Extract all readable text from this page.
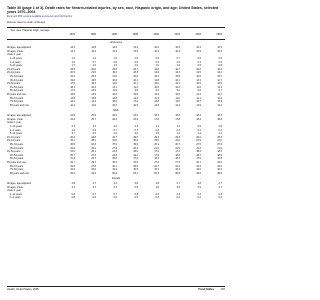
Table 30 (page 1 of 3). Death rates for firearm-related injuries, by sex, race, Hispanic origin, and age: United States, selected years 1970–2003
Excel and PDF versions available at www.cdc.gov/nchs/hus.htm
[Data are based on death certificates]
Sex, race, Hispanic origin, and age
1970	1980	1990	1995	2000	2001	2002	2003
All persons
All ages, age-adjusted	14.3	14.8	14.6	13.4	10.2	10.3	10.4	10.3
All ages, crude	13.1	14.9	14.9	13.5	10.2	10.3	10.5	10.3
Under 1 year
1–14 years	1.6	1.4	1.5	1.6	0.8	0.7	0.6	0.6
1–4 years	1.0	0.7	0.6	0.6	0.3	0.3	0.3	0.3
5–14 years	1.7	1.6	1.9	2.0	1.0	1.0	0.8	0.8
15–24 years	15.5	20.6	25.8	26.7	16.8	16.7	16.6	16.2
25–44 years	20.9	22.5	19.3	18.3	14.0	14.3	14.5	14.2
25–34 years	22.2	25.3	21.8	20.6	15.2	15.6	16.0	15.7
35–44 years	19.6	19.5	16.6	16.1	12.8	13.1	13.1	12.7
45–64 years	17.6	15.2	12.5	10.7	10.0	10.1	10.5	10.5
45–54 years	18.1	16.4	13.1	11.4	10.5	10.6	11.0	11.1
55–64 years	17.0	13.9	11.9	9.8	9.3	9.4	9.8	9.7
65 years and over	13.8	13.5	16.0	15.8	12.4	12.5	12.3	12.4
65–74 years	14.5	13.8	14.8	14.2	11.2	11.0	11.1	11.0
75–84 years	13.4	13.4	18.0	17.6	13.8	14.0	13.7	13.9
85 years and over	10.2	11.6	15.3	16.9	13.8	14.4	13.9	14.1
Male
All ages, age-adjusted	24.8	25.9	26.3	23.9	18.1	18.2	18.4	18.3
All ages, crude	22.2	25.7	26.2	23.9	17.8	17.8	18.3	18.0
Under 1 year
1–14 years	2.3	2.0	2.2	2.3	1.1	1.0	0.9	0.8
1–4 years	1.2	0.9	0.7	0.7	0.3	0.4	0.4	0.4
5–14 years	2.7	2.5	2.9	3.0	1.5	1.4	1.2	1.1
15–24 years	26.4	34.8	44.7	46.5	29.4	29.4	29.0	28.3
25–44 years	34.1	38.1	32.6	30.6	23.5	24.0	24.5	24.0
25–34 years	36.5	43.3	37.0	35.0	26.1	26.7	27.5	27.0
35–44 years	31.6	32.1	27.4	26.3	21.0	21.5	21.6	21.0
45–64 years	31.0	26.1	21.6	18.6	17.2	17.3	18.0	18.0
45–54 years	30.7	27.5	22.4	19.4	17.9	18.0	18.7	18.9
55–64 years	31.3	24.7	20.8	17.6	16.3	16.3	17.0	16.8
65 years and over	29.7	29.7	35.3	34.6	27.3	27.3	26.7	26.6
65–74 years	29.5	27.8	30.1	28.6	22.7	22.2	22.4	22.0
75–84 years	31.0	33.0	42.2	40.5	32.7	33.4	32.0	32.2
85 years and over	26.2	34.9	56.2	63.1	50.3	50.9	49.5	48.5
Female
All ages, age-adjusted	4.8	4.7	4.2	3.8	2.8	2.7	2.8	2.7
All ages, crude	4.4	4.7	4.3	3.9	2.8	2.8	2.9	2.7
Under 1 year
1–14 years	0.8	0.7	0.7	0.8	0.5	0.4	0.3	0.3
1–4 years	0.8	0.6	0.5	0.5	0.3	0.3	0.2	0.3
Health, United States, 2005	Trend Tables	187
